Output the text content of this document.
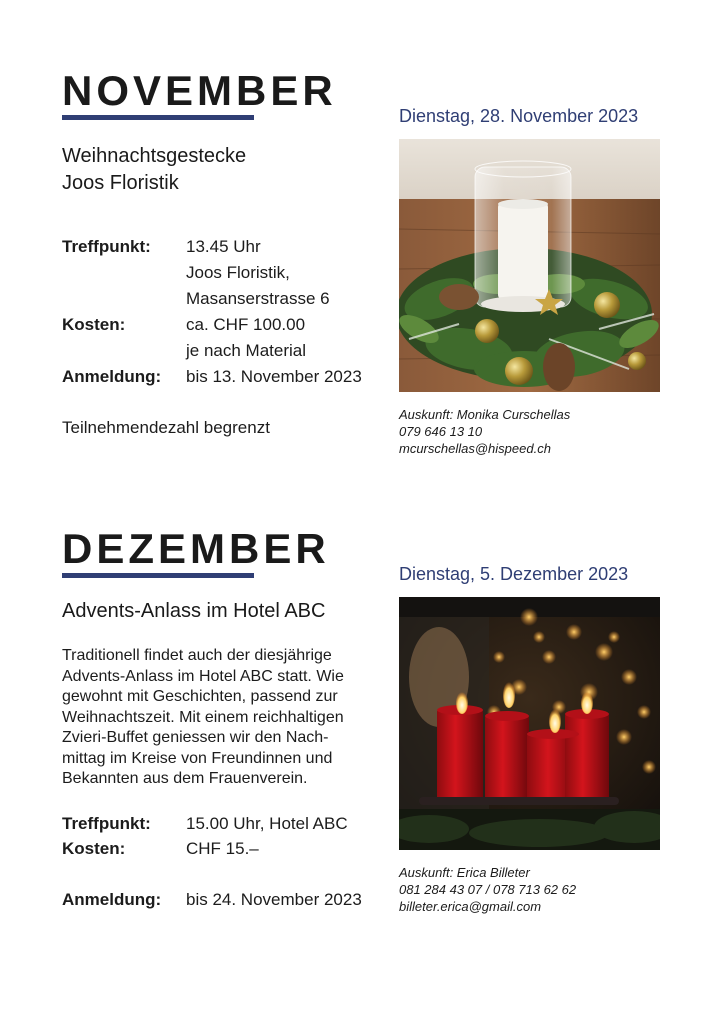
NOVEMBER
Dienstag, 28. November 2023
Weihnachtsgestecke
Joos Floristik
Treffpunkt: 13.45 Uhr
Joos Floristik,
Masanserstrasse 6
Kosten:	ca. CHF 100.00
je nach Material
Anmeldung: bis 13. November 2023
Teilnehmendezahl begrenzt
Auskunft: Monika Curschellas
079 646 13 10
mcurschellas@hispeed.ch
DEZEMBER
Dienstag, 5. Dezember 2023
Advents-Anlass im Hotel ABC
Traditionell findet auch der diesjährige
Advents-Anlass im Hotel ABC statt. Wie
gewohnt mit Geschichten, passend zur
Weihnachtszeit. Mit einem reichhaltigen
Zvieri-Buffet geniessen wir den Nach-
mittag im Kreise von Freundinnen und
Bekannten aus dem Frauenverein.
Treffpunkt: 15.00 Uhr, Hotel ABC
Kosten:	CHF 15.–
Anmeldung: bis 24. November 2023
Auskunft: Erica Billeter
081 284 43 07 / 078 713 62 62
billeter.erica@gmail.com
